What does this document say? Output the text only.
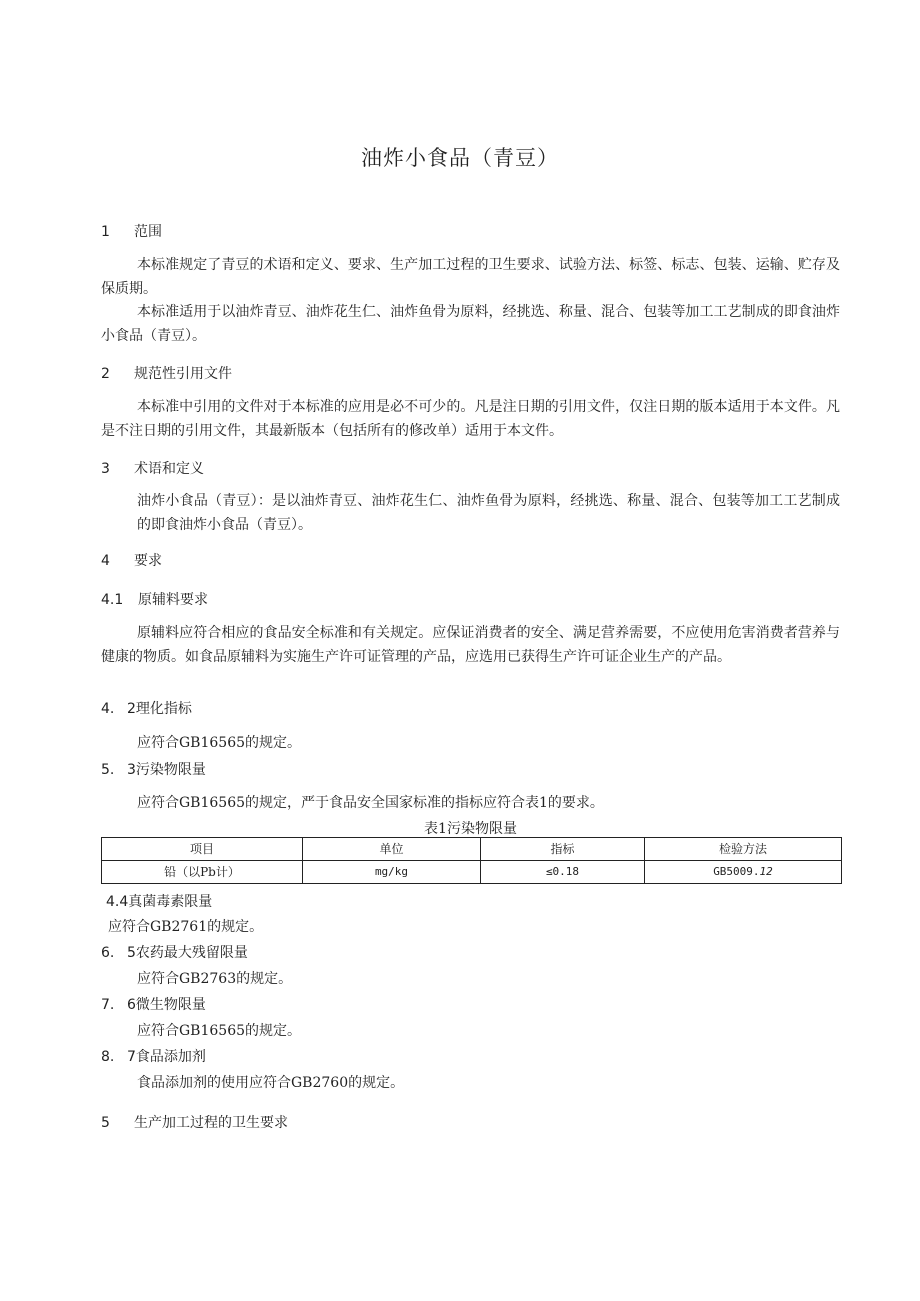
油炸小食品（青豆）
1 范围
本标准规定了青豆的术语和定义、要求、生产加工过程的卫生要求、试验方法、标签、标志、包装、运输、贮存及保质期。
本标准适用于以油炸青豆、油炸花生仁、油炸鱼骨为原料，经挑选、称量、混合、包装等加工工艺制成的即食油炸小食品（青豆）。
2 规范性引用文件
本标准中引用的文件对于本标准的应用是必不可少的。凡是注日期的引用文件，仅注日期的版本适用于本文件。凡是不注日期的引用文件，其最新版本（包括所有的修改单）适用于本文件。
3 术语和定义
油炸小食品（青豆）：是以油炸青豆、油炸花生仁、油炸鱼骨为原料，经挑选、称量、混合、包装等加工工艺制成的即食油炸小食品（青豆）。
4 要求
4.1 原辅料要求
原辅料应符合相应的食品安全标准和有关规定。应保证消费者的安全、满足营养需要，不应使用危害消费者营养与健康的物质。如食品原辅料为实施生产许可证管理的产品，应选用已获得生产许可证企业生产的产品。
4. 2理化指标
应符合GB16565的规定。
5. 3污染物限量
应符合GB16565的规定，严于食品安全国家标准的指标应符合表1的要求。
表1污染物限量
项目	单位	指标	检验方法
铅（以Pb计）	mg/kg	≤0.18	GB5009.12
4.4真菌毒素限量
应符合GB2761的规定。
6. 5农药最大残留限量
应符合GB2763的规定。
7. 6微生物限量
应符合GB16565的规定。
8. 7食品添加剂
食品添加剂的使用应符合GB2760的规定。
5 生产加工过程的卫生要求
